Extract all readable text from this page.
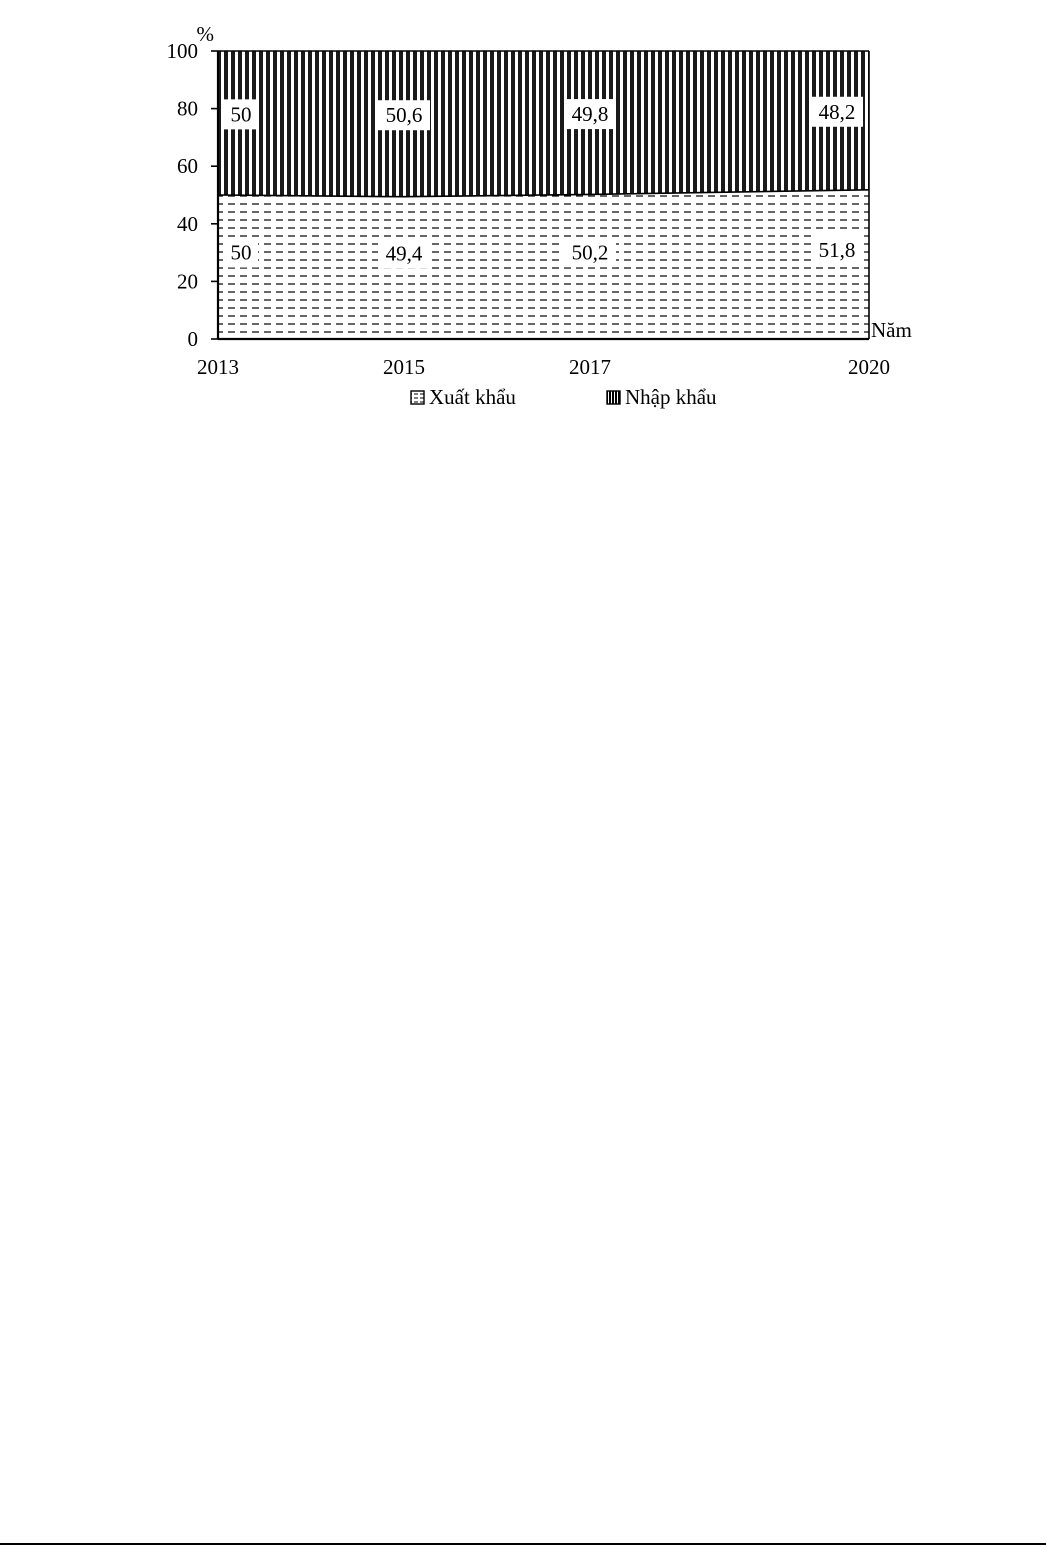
0
20
40
60
80
100
%
2013	2015	2017	2020
Năm
50
50
49,4
50,6
50,2
49,8
51,8
48,2
Xuất khẩu	Nhập khẩu
